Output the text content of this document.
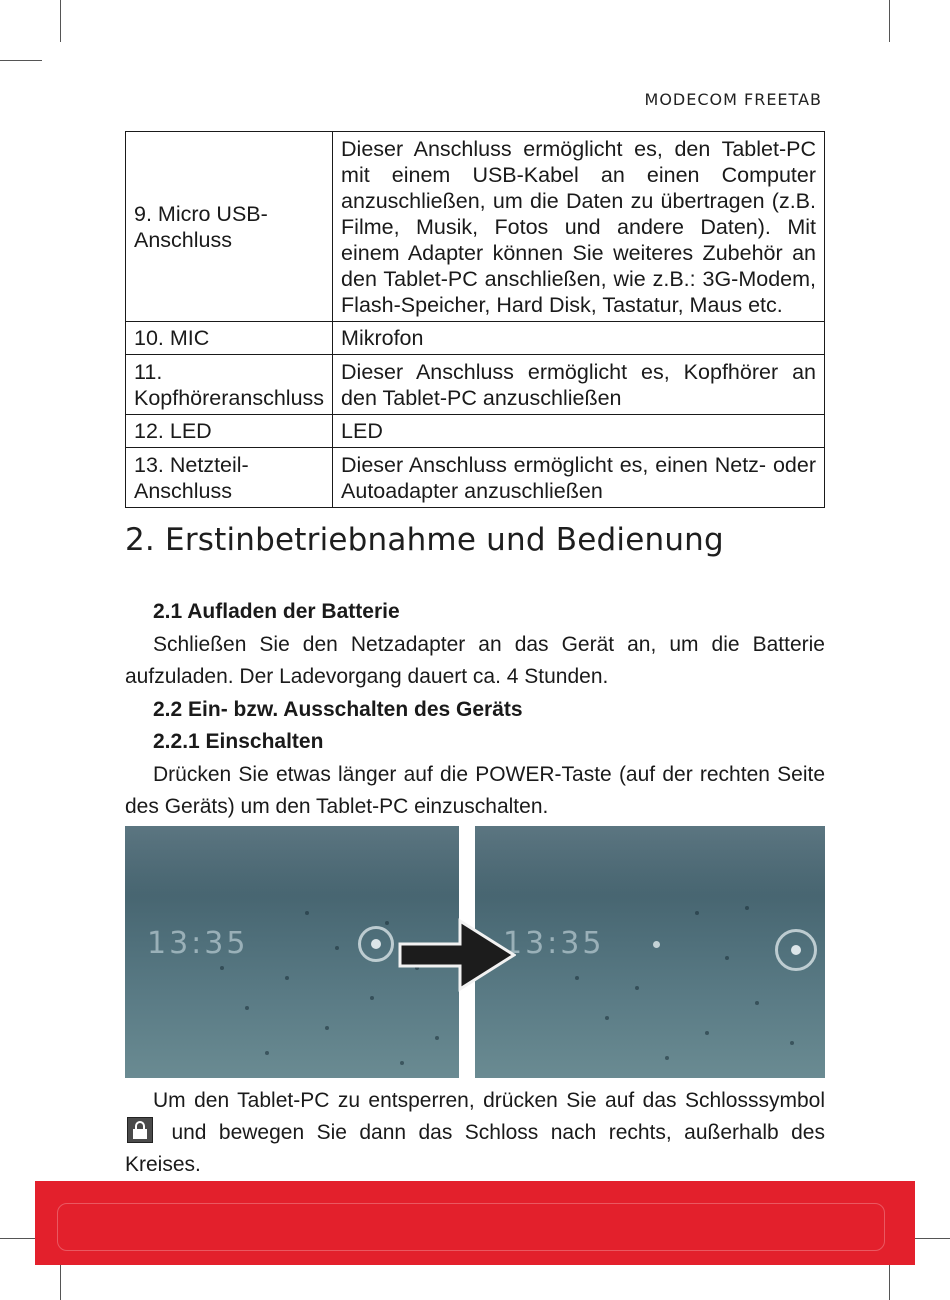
MODECOM FREETAB
9. Micro USB-Anschluss	Dieser Anschluss ermöglicht es, den Tablet-PC mit einem USB-Kabel an einen Computer anzuschließen, um die Daten zu übertragen (z.B. Filme, Musik, Fotos und andere Daten). Mit einem Adapter können Sie weiteres Zubehör an den Tablet-PC anschließen, wie z.B.: 3G-Modem, Flash-Speicher, Hard Disk, Tastatur, Maus etc.
10. MIC	Mikrofon
11. Kopfhöreranschluss	Dieser Anschluss ermöglicht es, Kopfhörer an den Tablet-PC anzuschließen
12. LED	LED
13. Netzteil-Anschluss	Dieser Anschluss ermöglicht es, einen Netz- oder Autoadapter anzuschließen
2. Erstinbetriebnahme und Bedienung
2.1 Aufladen der Batterie
Schließen Sie den Netzadapter an das Gerät an, um die Batterie aufzuladen. Der Ladevorgang dauert ca. 4 Stunden.
2.2 Ein- bzw. Ausschalten des Geräts
2.2.1 Einschalten
Drücken Sie etwas länger auf die POWER-Taste (auf der rechten Seite des Geräts) um den Tablet-PC einzuschalten.
13:35	13:35
Um den Tablet-PC zu entsperren, drücken Sie auf das Schlosssymbol
und bewegen Sie dann das Schloss nach rechts, außerhalb des Kreises.
